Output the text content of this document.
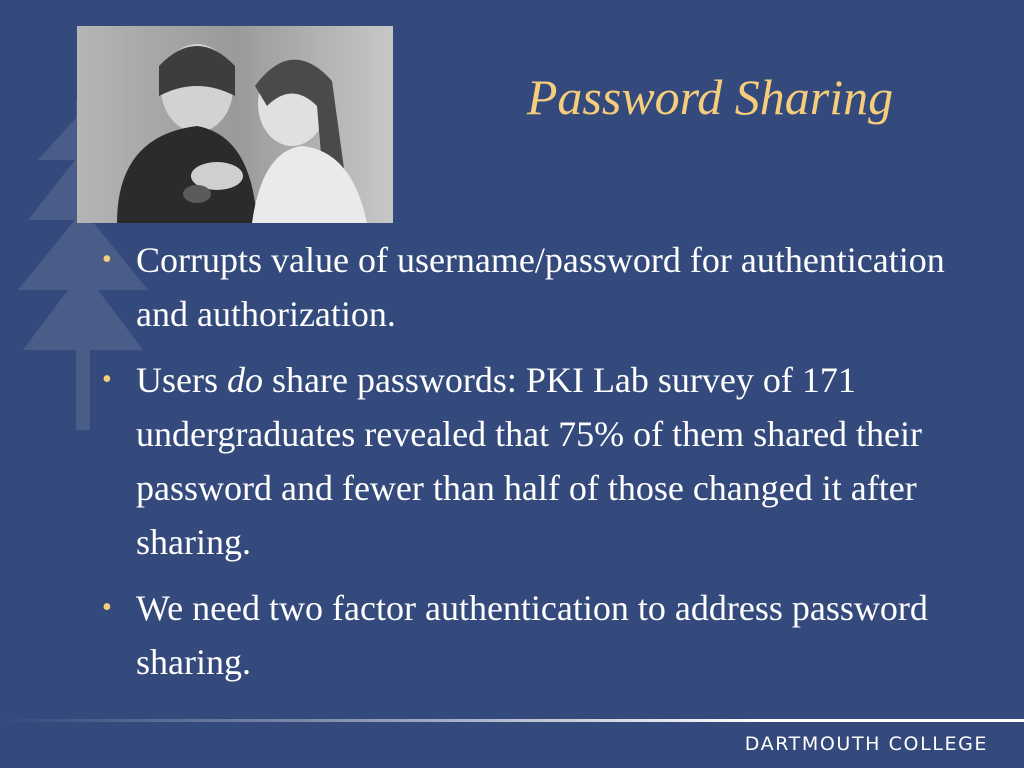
Password Sharing
• Corrupts value of username/password for authentication and authorization.
• Users do share passwords: PKI Lab survey of 171 undergraduates revealed that 75% of them shared their password and fewer than half of those changed it after sharing.
• We need two factor authentication to address password sharing.
DARTMOUTH COLLEGE
